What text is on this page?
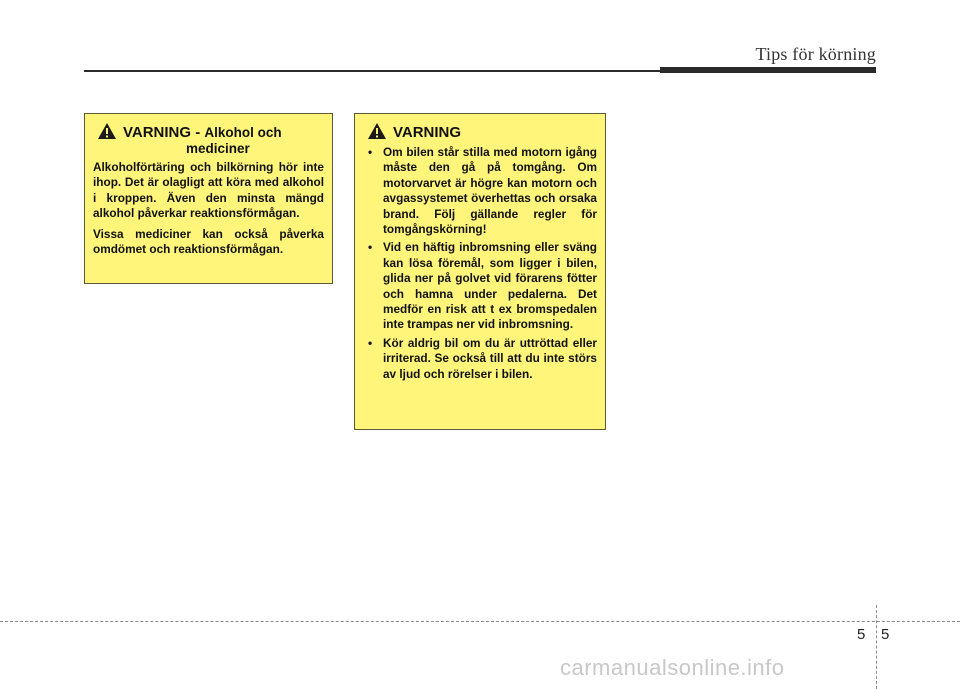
Tips för körning
VARNING - Alkohol och
mediciner

Alkoholförtäring och bilkörning hör inte ihop. Det är olagligt att köra med alkohol i kroppen. Även den minsta mängd alkohol påverkar reaktionsförmågan.

Vissa mediciner kan också påverka omdömet och reaktionsförmågan.

VARNING
• Om bilen står stilla med motorn igång måste den gå på tomgång. Om motorvarvet är högre kan motorn och avgassystemet överhettas och orsaka brand. Följ gällande regler för tomgångskörning!
• Vid en häftig inbromsning eller sväng kan lösa föremål, som ligger i bilen, glida ner på golvet vid förarens fötter och hamna under pedalerna. Det medför en risk att t ex bromspedalen inte trampas ner vid inbromsning.
• Kör aldrig bil om du är uttröttad eller irriterad. Se också till att du inte störs av ljud och rörelser i bilen.
5 5
carmanualsonline.info
